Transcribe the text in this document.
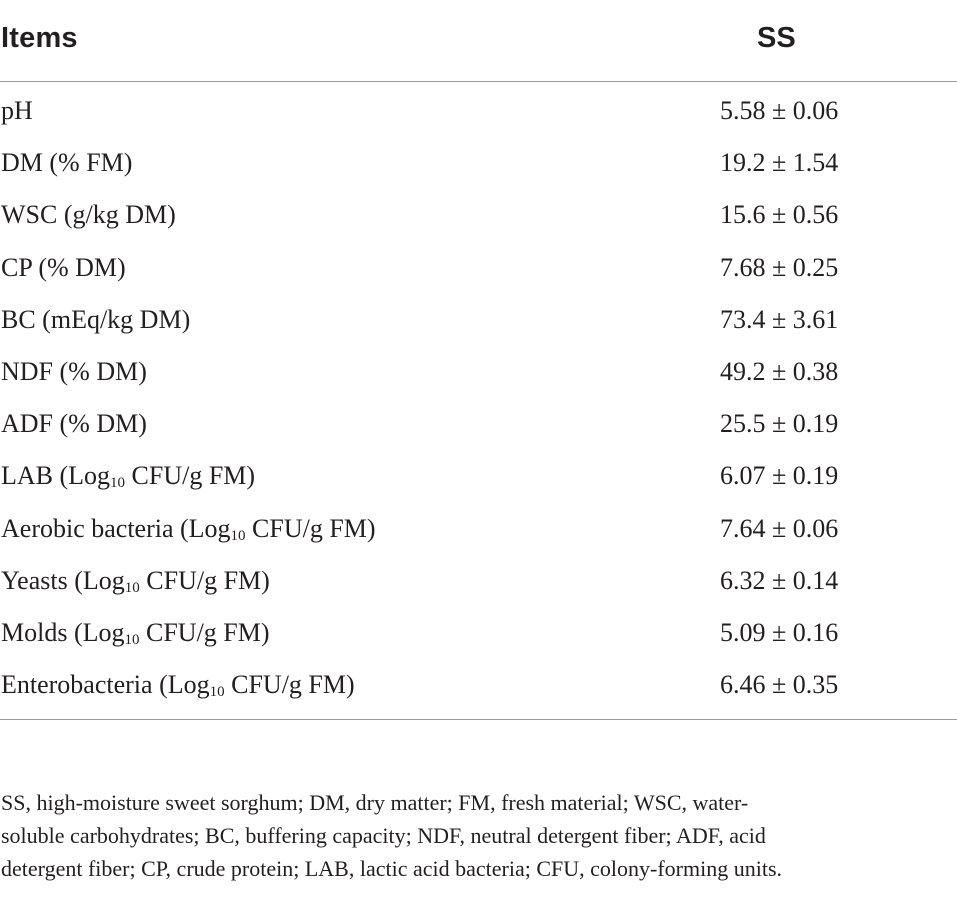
Items	SS
pH	5.58 ± 0.06
DM (% FM)	19.2 ± 1.54
WSC (g/kg DM)	15.6 ± 0.56
CP (% DM)	7.68 ± 0.25
BC (mEq/kg DM)	73.4 ± 3.61
NDF (% DM)	49.2 ± 0.38
ADF (% DM)	25.5 ± 0.19
LAB (Log$_{10}$ CFU/g FM)	6.07 ± 0.19
Aerobic bacteria (Log$_{10}$ CFU/g FM)	7.64 ± 0.06
Yeasts (Log$_{10}$ CFU/g FM)	6.32 ± 0.14
Molds (Log$_{10}$ CFU/g FM)	5.09 ± 0.16
Enterobacteria (Log$_{10}$ CFU/g FM)	6.46 ± 0.35
SS, high-moisture sweet sorghum; DM, dry matter; FM, fresh material; WSC, water-
soluble carbohydrates; BC, buffering capacity; NDF, neutral detergent fiber; ADF, acid
detergent fiber; CP, crude protein; LAB, lactic acid bacteria; CFU, colony-forming units.
